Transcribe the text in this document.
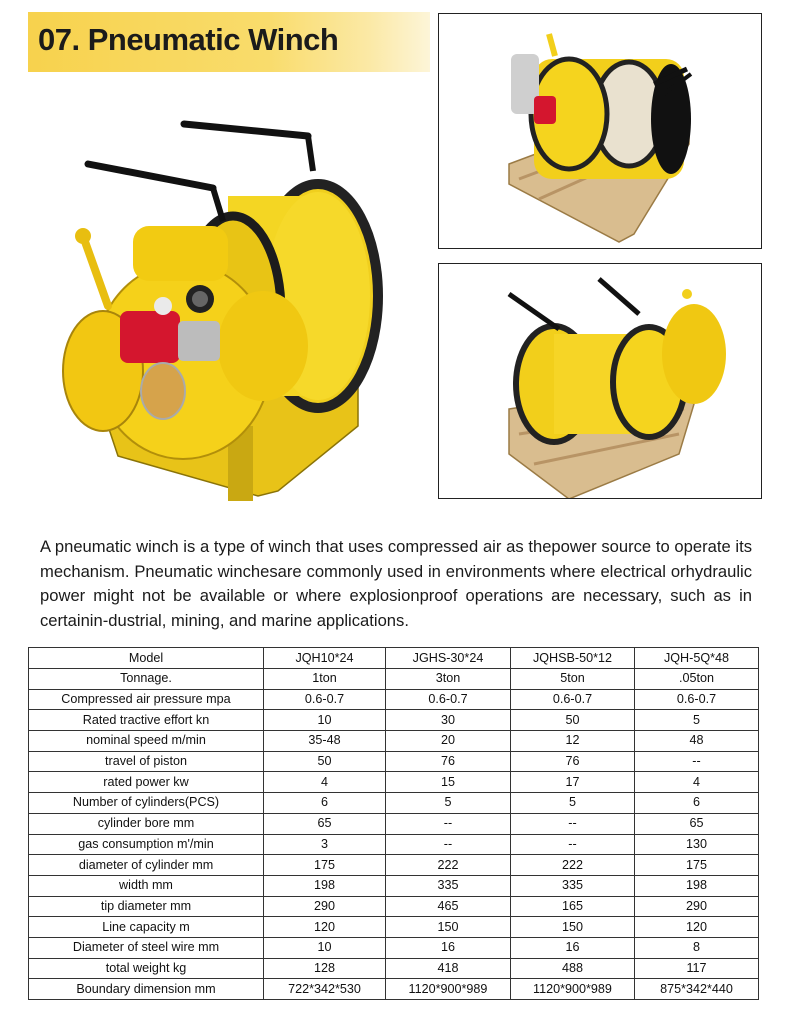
07. Pneumatic Winch

A pneumatic winch is a type of winch that uses compressed air as thepower source to operate its mechanism. Pneumatic winchesare commonly used in environments where electrical orhydraulic power might not be available or where explosionproof operations are necessary, such as in certainin-dustrial, mining, and marine applications.

Model	JQH10*24	JGHS-30*24	JQHSB-50*12	JQH-5Q*48
Tonnage.	1ton	3ton	5ton	.05ton
Compressed air pressure mpa	0.6-0.7	0.6-0.7	0.6-0.7	0.6-0.7
Rated tractive effort kn	10	30	50	5
nominal speed m/min	35-48	20	12	48
travel of piston	50	76	76	--
rated power kw	4	15	17	4
Number of cylinders(PCS)	6	5	5	6
cylinder bore mm	65	--	--	65
gas consumption m'/min	3	--	--	130
diameter of cylinder mm	175	222	222	175
width mm	198	335	335	198
tip diameter mm	290	465	165	290
Line capacity m	120	150	150	120
Diameter of steel wire mm	10	16	16	8
total weight kg	128	418	488	117
Boundary dimension mm	722*342*530	1120*900*989	1120*900*989	875*342*440
